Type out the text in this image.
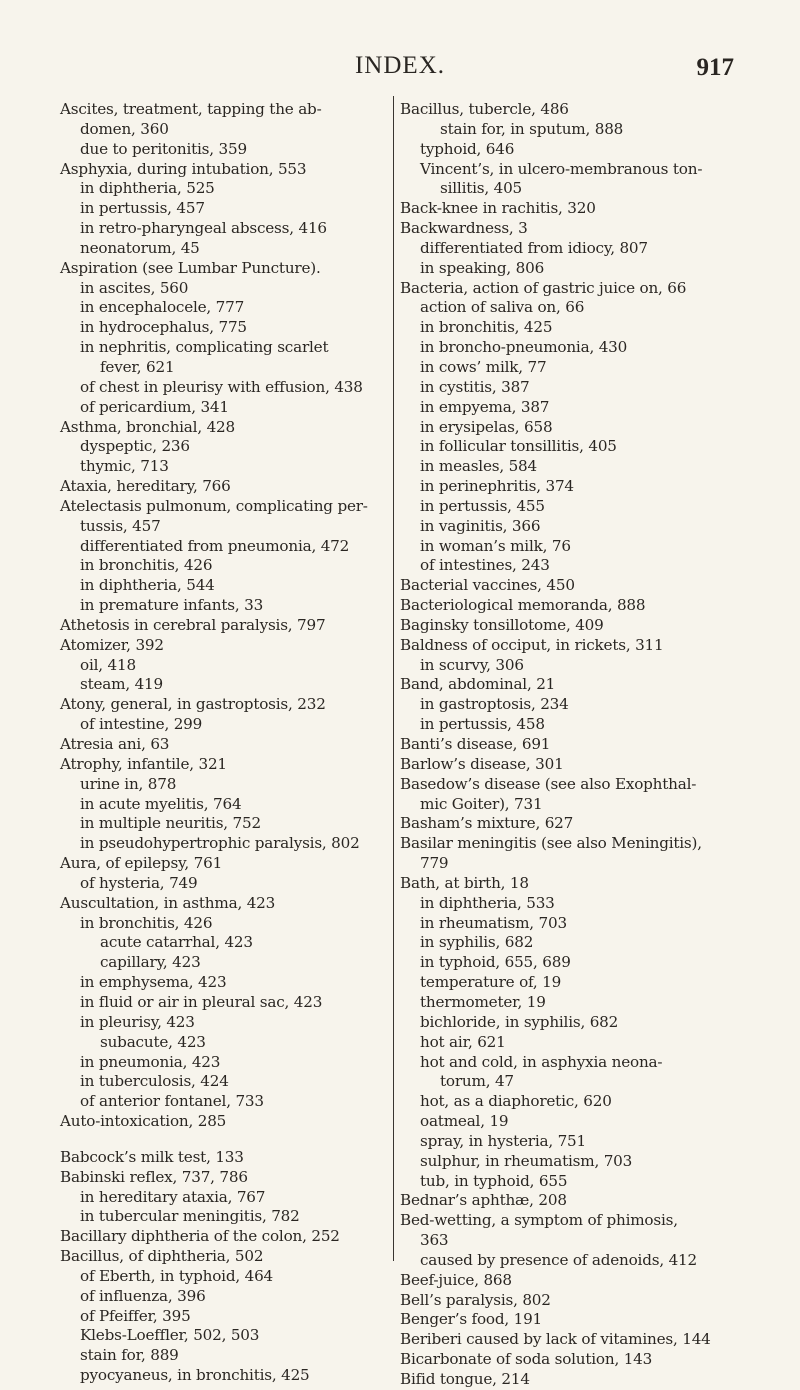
INDEX.	917
Ascites, treatment, tapping the ab-
domen, 360
due to peritonitis, 359
Asphyxia, during intubation, 553
in diphtheria, 525
in pertussis, 457
in retro-pharyngeal abscess, 416
neonatorum, 45
Aspiration (see Lumbar Puncture).
in ascites, 560
in encephalocele, 777
in hydrocephalus, 775
in nephritis, complicating scarlet
fever, 621
of chest in pleurisy with effusion, 438
of pericardium, 341
Asthma, bronchial, 428
dyspeptic, 236
thymic, 713
Ataxia, hereditary, 766
Atelectasis pulmonum, complicating per-
tussis, 457
differentiated from pneumonia, 472
in bronchitis, 426
in diphtheria, 544
in premature infants, 33
Athetosis in cerebral paralysis, 797
Atomizer, 392
oil, 418
steam, 419
Atony, general, in gastroptosis, 232
of intestine, 299
Atresia ani, 63
Atrophy, infantile, 321
urine in, 878
in acute myelitis, 764
in multiple neuritis, 752
in pseudohypertrophic paralysis, 802
Aura, of epilepsy, 761
of hysteria, 749
Auscultation, in asthma, 423
in bronchitis, 426
acute catarrhal, 423
capillary, 423
in emphysema, 423
in fluid or air in pleural sac, 423
in pleurisy, 423
subacute, 423
in pneumonia, 423
in tuberculosis, 424
of anterior fontanel, 733
Auto-intoxication, 285
Babcock’s milk test, 133
Babinski reflex, 737, 786
in hereditary ataxia, 767
in tubercular meningitis, 782
Bacillary diphtheria of the colon, 252
Bacillus, of diphtheria, 502
of Eberth, in typhoid, 464
of influenza, 396
of Pfeiffer, 395
Klebs-Loeffler, 502, 503
stain for, 889
pyocyaneus, in bronchitis, 425
Bacillus, tubercle, 486
stain for, in sputum, 888
typhoid, 646
Vincent’s, in ulcero-membranous ton-
sillitis, 405
Back-knee in rachitis, 320
Backwardness, 3
differentiated from idiocy, 807
in speaking, 806
Bacteria, action of gastric juice on, 66
action of saliva on, 66
in bronchitis, 425
in broncho-pneumonia, 430
in cows’ milk, 77
in cystitis, 387
in empyema, 387
in erysipelas, 658
in follicular tonsillitis, 405
in measles, 584
in perinephritis, 374
in pertussis, 455
in vaginitis, 366
in woman’s milk, 76
of intestines, 243
Bacterial vaccines, 450
Bacteriological memoranda, 888
Baginsky tonsillotome, 409
Baldness of occiput, in rickets, 311
in scurvy, 306
Band, abdominal, 21
in gastroptosis, 234
in pertussis, 458
Banti’s disease, 691
Barlow’s disease, 301
Basedow’s disease (see also Exophthal-
mic Goiter), 731
Basham’s mixture, 627
Basilar meningitis (see also Meningitis),
779
Bath, at birth, 18
in diphtheria, 533
in rheumatism, 703
in syphilis, 682
in typhoid, 655, 689
temperature of, 19
thermometer, 19
bichloride, in syphilis, 682
hot air, 621
hot and cold, in asphyxia neona-
torum, 47
hot, as a diaphoretic, 620
oatmeal, 19
spray, in hysteria, 751
sulphur, in rheumatism, 703
tub, in typhoid, 655
Bednar’s aphthæ, 208
Bed-wetting, a symptom of phimosis,
363
caused by presence of adenoids, 412
Beef-juice, 868
Bell’s paralysis, 802
Benger’s food, 191
Beriberi caused by lack of vitamines, 144
Bicarbonate of soda solution, 143
Bifid tongue, 214
